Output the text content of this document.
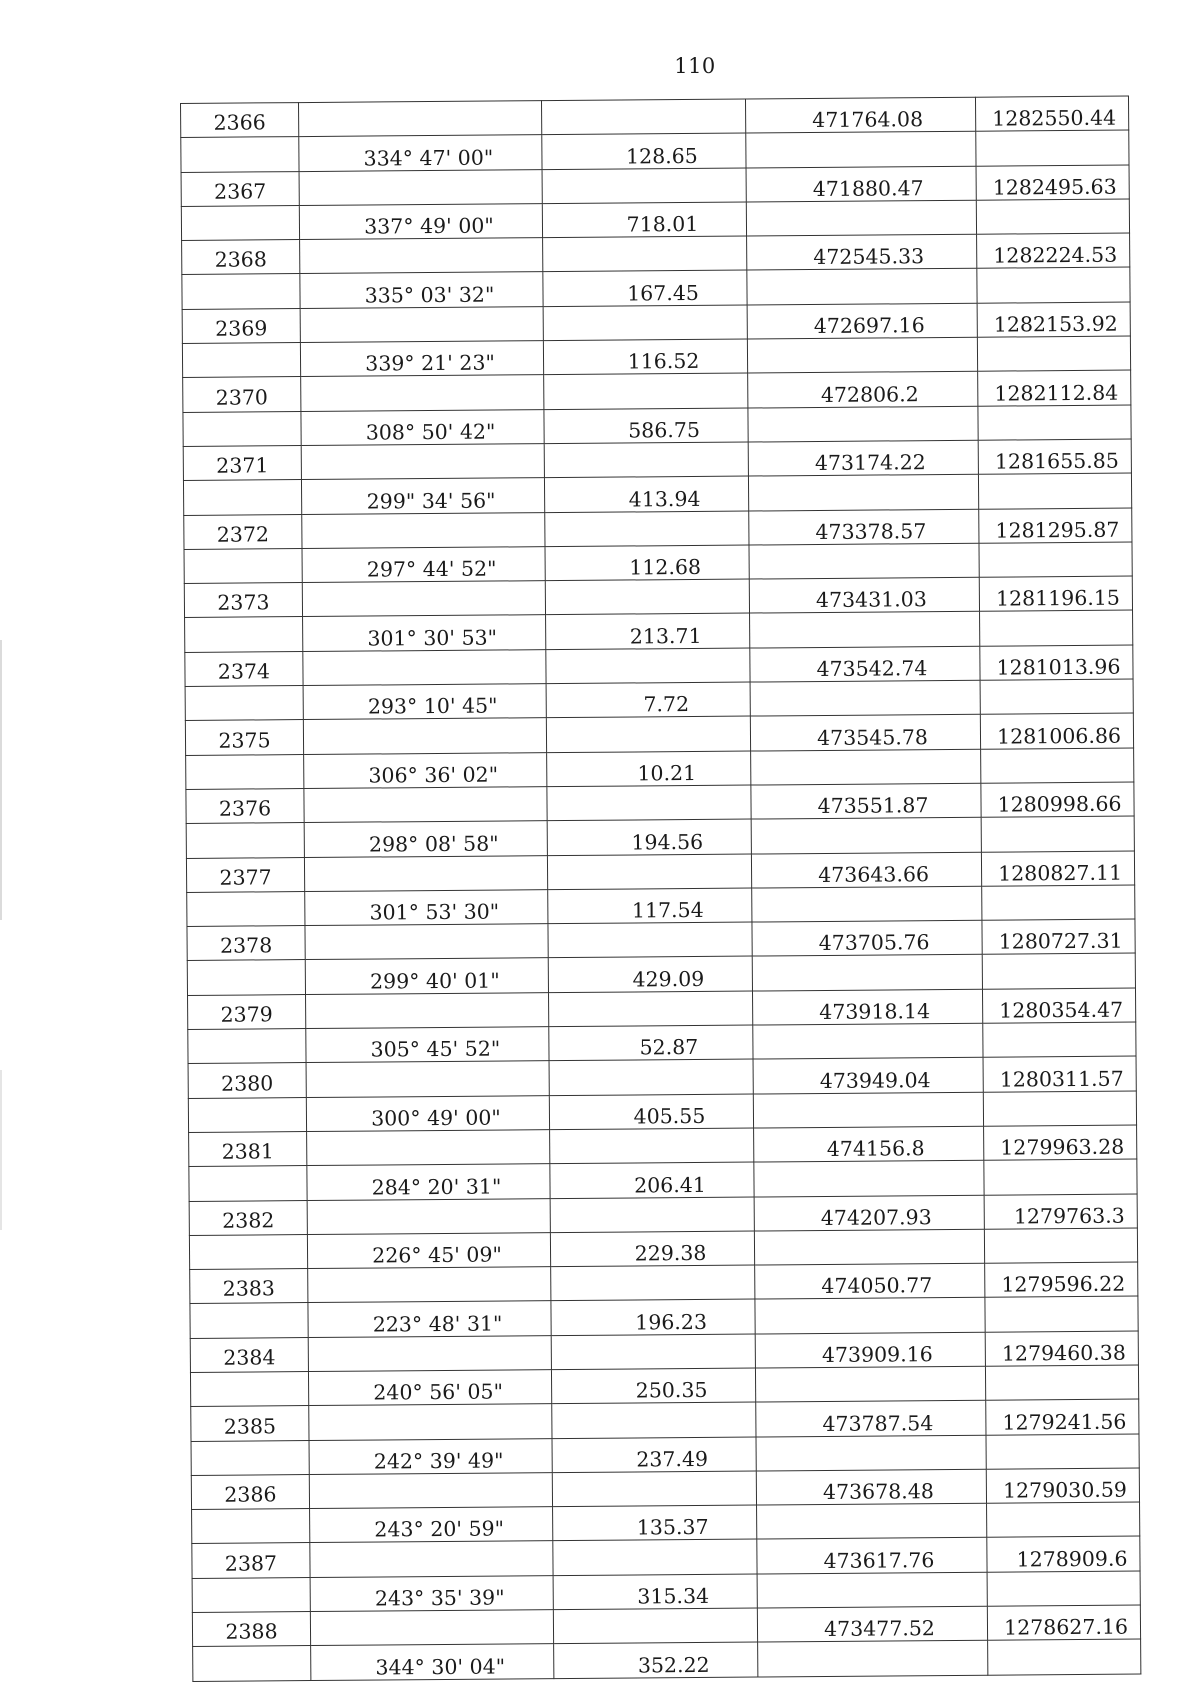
110
2366			471764.08	1282550.44
	334° 47' 00"	128.65		
2367			471880.47	1282495.63
	337° 49' 00"	718.01		
2368			472545.33	1282224.53
	335° 03' 32"	167.45		
2369			472697.16	1282153.92
	339° 21' 23"	116.52		
2370			472806.2	1282112.84
	308° 50' 42"	586.75		
2371			473174.22	1281655.85
	299" 34' 56"	413.94		
2372			473378.57	1281295.87
	297° 44' 52"	112.68		
2373			473431.03	1281196.15
	301° 30' 53"	213.71		
2374			473542.74	1281013.96
	293° 10' 45"	7.72		
2375			473545.78	1281006.86
	306° 36' 02"	10.21		
2376			473551.87	1280998.66
	298° 08' 58"	194.56		
2377			473643.66	1280827.11
	301° 53' 30"	117.54		
2378			473705.76	1280727.31
	299° 40' 01"	429.09		
2379			473918.14	1280354.47
	305° 45' 52"	52.87		
2380			473949.04	1280311.57
	300° 49' 00"	405.55		
2381			474156.8	1279963.28
	284° 20' 31"	206.41		
2382			474207.93	1279763.3
	226° 45' 09"	229.38		
2383			474050.77	1279596.22
	223° 48' 31"	196.23		
2384			473909.16	1279460.38
	240° 56' 05"	250.35		
2385			473787.54	1279241.56
	242° 39' 49"	237.49		
2386			473678.48	1279030.59
	243° 20' 59"	135.37		
2387			473617.76	1278909.6
	243° 35' 39"	315.34		
2388			473477.52	1278627.16
	344° 30' 04"	352.22		
